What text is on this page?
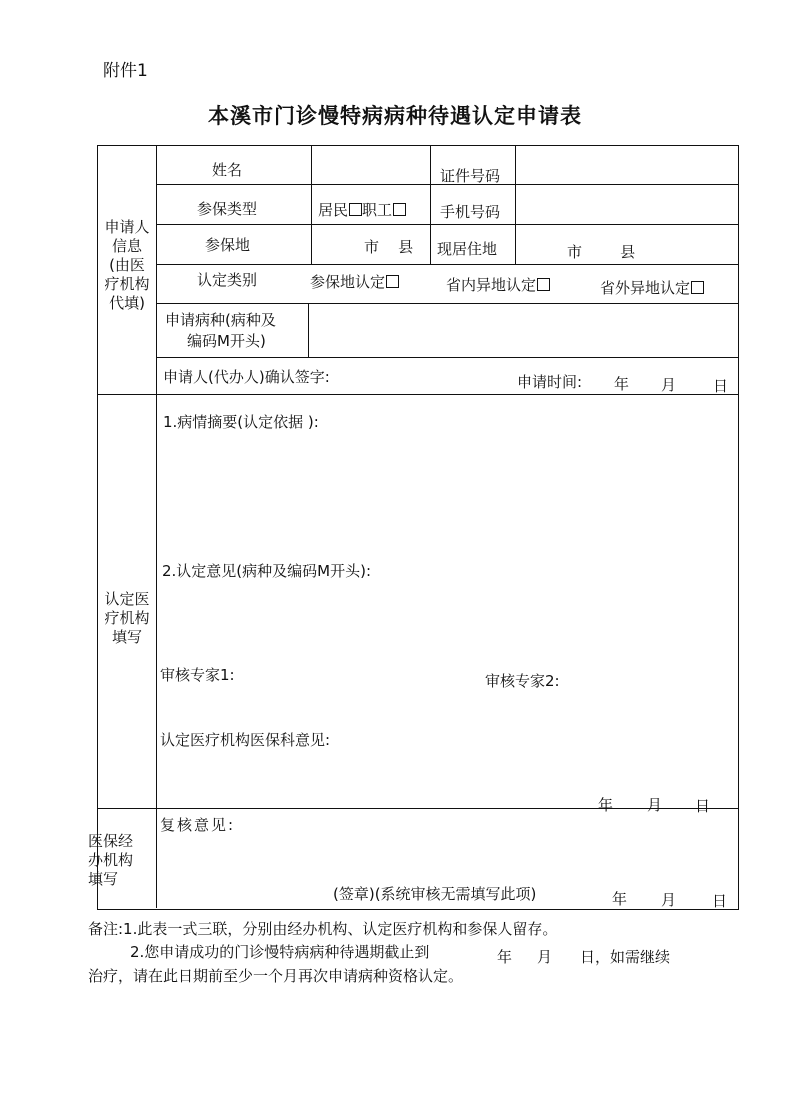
附件1
本溪市门诊慢特病病种待遇认定申请表
申请人
信息
(由医
疗机构
代填)
姓名	证件号码
参保类型	居民 职工	手机号码
参保地	市    县 现居住地	市        县
认定类别	参保地认定	省内异地认定	省外异地认定
申请病种(病种及
编码M开头)
申请人(代办人)确认签字:	申请时间: 年 月 日
认定医
疗机构
填写
1.病情摘要(认定依据 ):
2.认定意见(病种及编码M开头):
审核专家1:	审核专家2:
认定医疗机构医保科意见:
年 月 日
医保经
办机构
填写
复核意见:
(签章)(系统审核无需填写此项)	年 月 日
备注:1.此表一式三联，分别由经办机构、认定医疗机构和参保人留存。
2.您申请成功的门诊慢特病病种待遇期截止到	年 月 日，如需继续
治疗，请在此日期前至少一个月再次申请病种资格认定。
